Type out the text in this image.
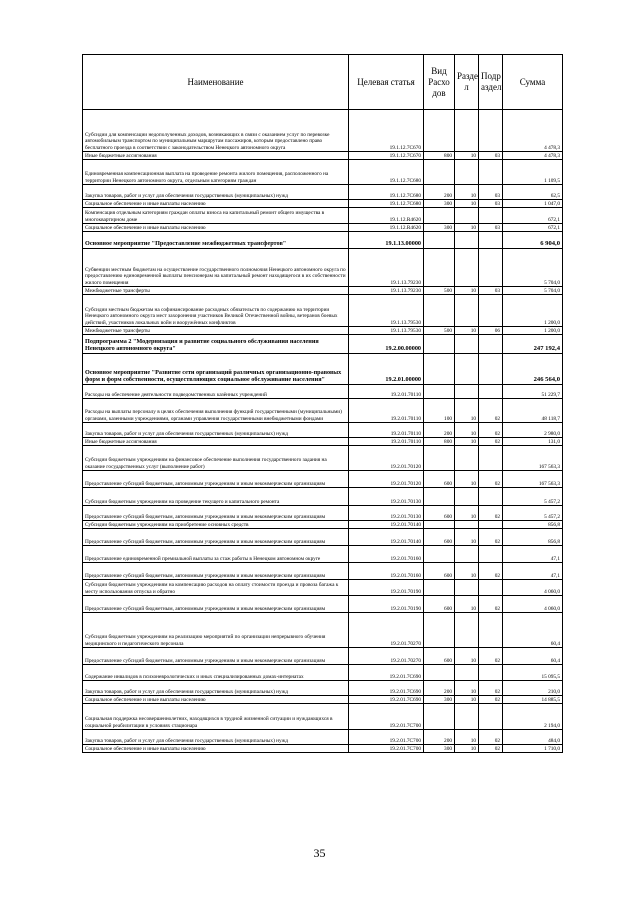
Наименование	Целевая статья	Вид Расхо дов	Разде л	Подр аздел	Сумма
Субсидии для компенсации недополученных доходов, возникающих в связи с оказанием услуг по перевозке автомобильным транспортом по муниципальным маршрутам пассажиров, которым предоставлено право бесплатного проезда в соответствии с законодательством Ненецкого автономного округа	19.1.12.7C670				4 478,3
Иные бюджетные ассигнования	19.1.12.7C670	800	10	03	4 478,3
Единовременная компенсационная выплата на проведение ремонта жилого помещения, расположенного на территории Ненецкого автономного округа, отдельным категориям граждан	19.1.12.7C680				1 109,5
Закупка товаров, работ и услуг для обеспечения государственных (муниципальных) нужд	19.1.12.7C680	200	10	03	62,5
Социальное обеспечение и иные выплаты населению	19.1.12.7C680	300	10	03	1 047,0
Компенсация отдельным категориям граждан оплаты взноса на капитальный ремонт общего имущества в многоквартирном доме	19.1.12.R4620				672,1
Социальное обеспечение и иные выплаты населению	19.1.12.R4620	300	10	03	672,1
Основное мероприятие "Предоставление межбюджетных трансфертов"	19.1.13.00000				6 904,0
Субвенции местным бюджетам на осуществление государственного полномочия Ненецкого автономного округа по предоставлению единовременной выплаты пенсионерам на капитальный ремонт находящегося в их собственности жилого помещения	19.1.13.79230				5 704,0
Межбюджетные трансферты	19.1.13.79230	500	10	03	5 704,0
Субсидии местным бюджетам на софинансирование расходных обязательств по содержанию на территории Ненецкого автономного округа мест захоронения участников Великой Отечественной войны, ветеранов боевых действий, участников локальных войн и вооружённых конфликтов	19.1.13.79530				1 200,0
Межбюджетные трансферты	19.1.13.79530	500	10	06	1 200,0
Подпрограмма 2 "Модернизация и развитие социального обслуживания населения Ненецкого автономного округа"	19.2.00.00000				247 192,4
Основное мероприятие "Развитие сети организаций различных организационно-правовых форм и форм собственности, осуществляющих социальное обслуживание населения"	19.2.01.00000				246 564,0
Расходы на обеспечение деятельности подведомственных казённых учреждений	19.2.01.70110				51 229,7
Расходы на выплаты персоналу в целях обеспечения выполнения функций государственными (муниципальными) органами, казенными учреждениями, органами управления государственными внебюджетными фондами	19.2.01.70110	100	10	02	48 118,7
Закупка товаров, работ и услуг для обеспечения государственных (муниципальных) нужд	19.2.01.70110	200	10	02	2 980,0
Иные бюджетные ассигнования	19.2.01.70110	800	10	02	131,0
Субсидии бюджетным учреждениям на финансовое обеспечение выполнения государственного задания на оказание государственных услуг (выполнение работ)	19.2.01.70120				167 563,3
Предоставление субсидий бюджетным, автономным учреждениям и иным некоммерческим организациям	19.2.01.70120	600	10	02	167 563,3
Субсидии бюджетным учреждениям на проведение текущего и капитального ремонта	19.2.01.70130				5 457,2
Предоставление субсидий бюджетным, автономным учреждениям и иным некоммерческим организациям	19.2.01.70130	600	10	02	5 457,2
Субсидии бюджетным учреждениям на приобретение основных средств	19.2.01.70140				856,8
Предоставление субсидий бюджетным, автономным учреждениям и иным некоммерческим организациям	19.2.01.70140	600	10	02	856,8
Предоставление единовременной премиальной выплаты за стаж работы в Ненецком автономном округе	19.2.01.70160				47,1
Предоставление субсидий бюджетным, автономным учреждениям и иным некоммерческим организациям	19.2.01.70160	600	10	02	47,1
Субсидии бюджетным учреждениям на компенсацию расходов на оплату стоимости проезда и провоза багажа к месту использования отпуска и обратно	19.2.01.70190				4 060,0
Предоставление субсидий бюджетным, автономным учреждениям и иным некоммерческим организациям	19.2.01.70190	600	10	02	4 060,0
Субсидии бюджетным учреждениям на реализацию мероприятий по организации непрерывного обучения медицинского и педагогического персонала	19.2.01.70270				60,4
Предоставление субсидий бюджетным, автономным учреждениям и иным некоммерческим организациям	19.2.01.70270	600	10	02	60,4
Содержание инвалидов в психоневрологических и иных специализированных домах-интернатах	19.2.01.7C690				15 095,5
Закупка товаров, работ и услуг для обеспечения государственных (муниципальных) нужд	19.2.01.7C690	200	10	02	210,0
Социальное обеспечение и иные выплаты населению	19.2.01.7C690	300	10	02	14 885,5
Социальная поддержка несовершеннолетних, находящихся в трудной жизненной ситуации и нуждающихся в социальной реабилитации в условиях стационара	19.2.01.7C700				2 194,0
Закупка товаров, работ и услуг для обеспечения государственных (муниципальных) нужд	19.2.01.7C700	200	10	02	484,0
Социальное обеспечение и иные выплаты населению	19.2.01.7C700	300	10	02	1 710,0
35
